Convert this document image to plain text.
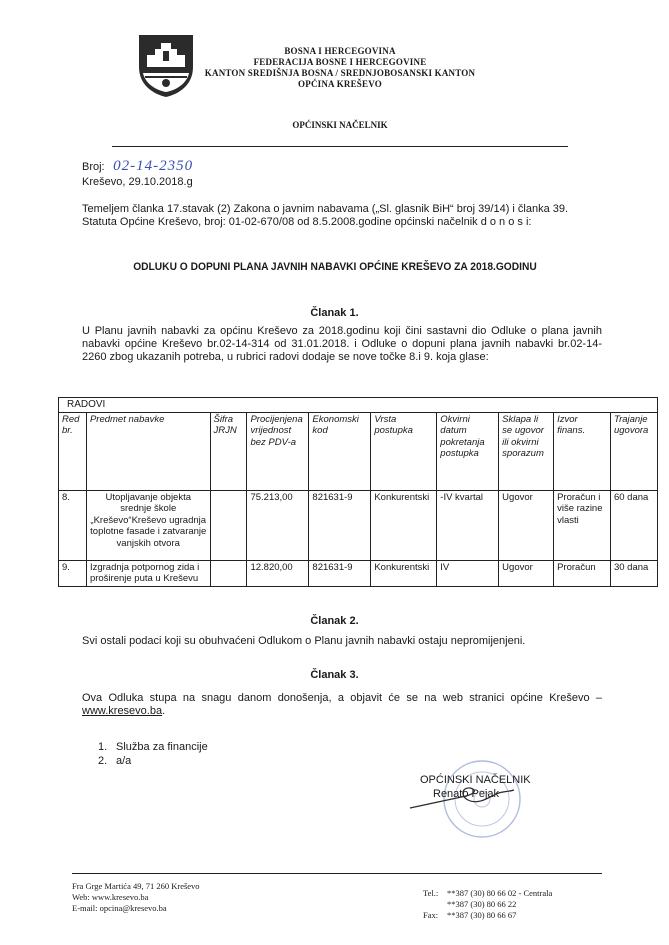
BOSNA I HERCEGOVINA
FEDERACIJA BOSNE I HERCEGOVINE
KANTON SREDIŠNJA BOSNA / SREDNJOBOSANSKI KANTON
OPĆINA KREŠEVO
OPĆINSKI NAČELNIK
Broj: 02-14-2350
Kreševo, 29.10.2018.g
Temeljem članka 17.stavak (2) Zakona o javnim nabavama („Sl. glasnik BiH“ broj 39/14) i članka 39. Statuta Općine Kreševo, broj: 01-02-670/08 od 8.5.2008.godine općinski načelnik d o n o s i:
ODLUKU O DOPUNI PLANA JAVNIH NABAVKI OPĆINE KREŠEVO ZA 2018.GODINU
Članak 1.
U Planu javnih nabavki za općinu Kreševo za 2018.godinu koji čini sastavni dio Odluke o plana javnih nabavki općine Kreševo br.02-14-314 od 31.01.2018. i Odluke o dopuni plana javnih nabavki br.02-14-2260 zbog ukazanih potreba, u rubrici radovi dodaje se nove točke 8.i 9. koja glase:
RADOVI									
Red br.	Predmet nabavke	Šifra JRJN	Procijenjena vrijednost bez PDV-a	Ekonomski kod	Vrsta postupka	Okvirni datum pokretanja postupka	Sklapa li se ugovor ili okvirni sporazum	Izvor finans.	Trajanje ugovora
8.	Utopljavanje objekta srednje škole „Kreševo“Kreševo ugradnja toplotne fasade i zatvaranje vanjskih otvora		75.213,00	821631-9	Konkurentski	-IV kvartal	Ugovor	Proračun i više razine vlasti	60 dana
9.	Izgradnja potpornog zida i proširenje puta u Kreševu		12.820,00	821631-9	Konkurentski	IV	Ugovor	Proračun	30 dana
Članak 2.
Svi ostali podaci koji su obuhvaćeni Odlukom o Planu javnih nabavki ostaju nepromijenjeni.
Članak 3.
Ova Odluka stupa na snagu danom donošenja, a objavit će se na web stranici općine Kreševo – www.kresevo.ba.
1. Služba za financije
2. a/a
OPĆINSKI NAČELNIK
Renato Pejak
Fra Grge Martića 49, 71 260 Kreševo
Web: www.kresevo.ba
E-mail: opcina@kresevo.ba
Tel.: **387 (30) 80 66 02 - Centrala
**387 (30) 80 66 22
Fax: **387 (30) 80 66 67
